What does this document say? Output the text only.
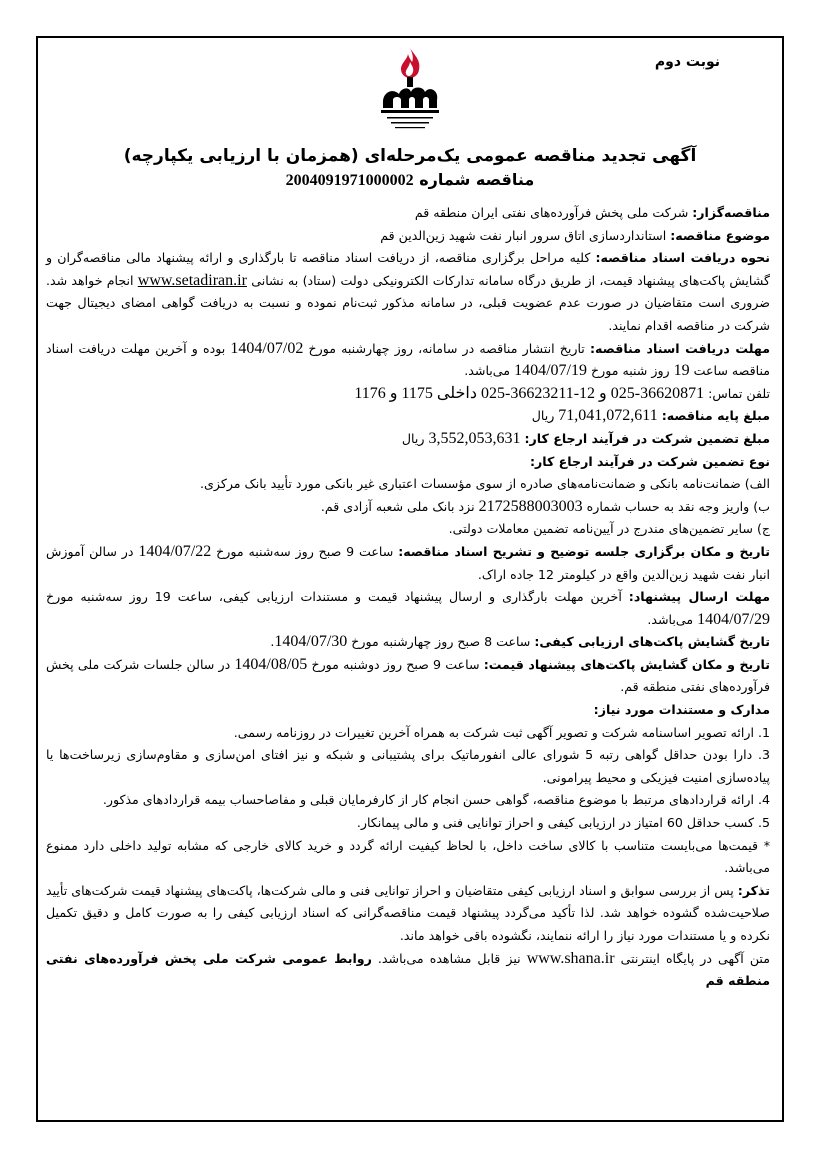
نوبت دوم
آگهی تجدید مناقصه عمومی یک‌مرحله‌ای (همزمان با ارزیابی یکپارچه)
مناقصه شماره 2004091971000002

مناقصه‌گزار: شرکت ملی پخش فرآورده‌های نفتی ایران منطقه قم

موضوع مناقصه: استانداردسازی اتاق سرور انبار نفت شهید زین‌الدین قم

نحوه دریافت اسناد مناقصه: کلیه مراحل برگزاری مناقصه، از دریافت اسناد مناقصه تا بارگذاری و ارائه پیشنهاد مالی مناقصه‌گران و گشایش پاکت‌های پیشنهاد قیمت، از طریق درگاه سامانه تدارکات الکترونیکی دولت (ستاد) به نشانی www.setadiran.ir انجام خواهد شد. ضروری است متقاضیان در صورت عدم عضویت قبلی، در سامانه مذکور ثبت‌نام نموده و نسبت به دریافت گواهی امضای دیجیتال جهت شرکت در مناقصه اقدام نمایند.

مهلت دریافت اسناد مناقصه: تاریخ انتشار مناقصه در سامانه، روز چهارشنبه مورخ 1404/07/02 بوده و آخرین مهلت دریافت اسناد مناقصه ساعت 19 روز شنبه مورخ 1404/07/19 می‌باشد.

تلفن تماس: 36620871-025 و 12-36623211-025 داخلی 1175 و 1176

مبلغ پایه مناقصه: 71,041,072,611 ریال

مبلغ تضمین شرکت در فرآیند ارجاع کار: 3,552,053,631 ریال

نوع تضمین شرکت در فرآیند ارجاع کار:

الف) ضمانت‌نامه بانکی و ضمانت‌نامه‌های صادره از سوی مؤسسات اعتباری غیر بانکی مورد تأیید بانک مرکزی.

ب) واریز وجه نقد به حساب شماره 2172588003003 نزد بانک ملی شعبه آزادی قم.

ج) سایر تضمین‌های مندرج در آیین‌نامه تضمین معاملات دولتی.

تاریخ و مکان برگزاری جلسه توضیح و تشریح اسناد مناقصه: ساعت 9 صبح روز سه‌شنبه مورخ 1404/07/22 در سالن آموزش انبار نفت شهید زین‌الدین واقع در کیلومتر 12 جاده اراک.

مهلت ارسال پیشنهاد: آخرین مهلت بارگذاری و ارسال پیشنهاد قیمت و مستندات ارزیابی کیفی، ساعت 19 روز سه‌شنبه مورخ 1404/07/29 می‌باشد.

تاریخ گشایش پاکت‌های ارزیابی کیفی: ساعت 8 صبح روز چهارشنبه مورخ 1404/07/30.

تاریخ و مکان گشایش پاکت‌های پیشنهاد قیمت: ساعت 9 صبح روز دوشنبه مورخ 1404/08/05 در سالن جلسات شرکت ملی پخش فرآورده‌های نفتی منطقه قم.

مدارک و مستندات مورد نیاز:

1. ارائه تصویر اساسنامه شرکت و تصویر آگهی ثبت شرکت به همراه آخرین تغییرات در روزنامه رسمی.

3. دارا بودن حداقل گواهی رتبه 5 شورای عالی انفورماتیک برای پشتیبانی و شبکه و نیز افتای امن‌سازی و مقاوم‌سازی زیرساخت‌ها یا پیاده‌سازی امنیت فیزیکی و محیط پیرامونی.

4. ارائه قراردادهای مرتبط با موضوع مناقصه، گواهی حسن انجام کار از کارفرمایان قبلی و مفاصاحساب بیمه قراردادهای مذکور.

5. کسب حداقل 60 امتیاز در ارزیابی کیفی و احراز توانایی فنی و مالی پیمانکار.

* قیمت‌ها می‌بایست متناسب با کالای ساخت داخل، با لحاظ کیفیت ارائه گردد و خرید کالای خارجی که مشابه تولید داخلی دارد ممنوع می‌باشد.

تذکر: پس از بررسی سوابق و اسناد ارزیابی کیفی متقاضیان و احراز توانایی فنی و مالی شرکت‌ها، پاکت‌های پیشنهاد قیمت شرکت‌های تأیید صلاحیت‌شده گشوده خواهد شد. لذا تأکید می‌گردد پیشنهاد قیمت مناقصه‌گرانی که اسناد ارزیابی کیفی را به صورت کامل و دقیق تکمیل نکرده و یا مستندات مورد نیاز را ارائه ننمایند، نگشوده باقی خواهد ماند.

متن آگهی در پایگاه اینترنتی www.shana.ir نیز قابل مشاهده می‌باشد. روابط عمومی شرکت ملی پخش فرآورده‌های نفتی منطقه قم
